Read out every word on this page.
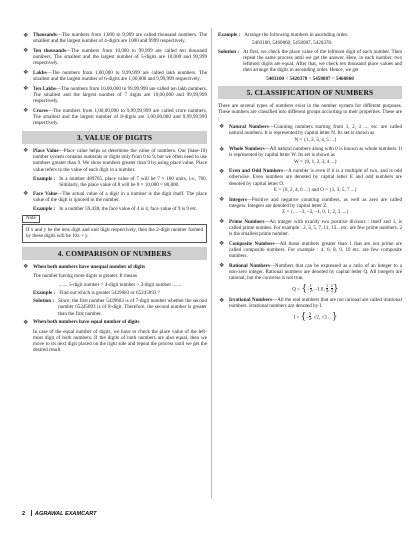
❖ Thousands—The numbers from 1,000 to 9,999 are called thousand numbers. The smallest and the largest number of 4-digits are 1000 and 9999 respectively.

❖ Ten thousands—The numbers from 10,000 to 99,999 are called ten thousand numbers. The smallest and the largest number of 5-digits are 10,000 and 99,999 respectively.

❖ Lakhs—The numbers from 1,00,000 to 9,99,999 are called lakh numbers. The smallest and the largest number of 6-digits are 1,00,000 and 9,99,999 respectively.

❖ Ten Lakhs—The numbers from 10,00,000 to 99,99,999 are called ten lakh numbers. The smallest and the largest number of 7 digits are 10,00,000 and 99,99,999 respectively.

❖ Crores—The numbers from 1,00,00,000 to 9,99,99,999 are called crore numbers. The smallest and the largest number of 8-digits are 1,00,00,000 and 9,99,99,999 respectively.

3. VALUE OF DIGITS
❖ Place Value—Place value helps us determine the value of numbers. Our (base-10) number system contains numerals or digits only from 0 to 9, but we often need to use numbers greater than 9. We show numbers greater than 9 by using place value. Place value refers to the value of each digit in a number.

Example : In a number 489765, place value of 7 will be 7 × 100 units, i.e., 700. Similarly, the place value of 8 will be 8 × 10,000 = 80,000.
❖ Face Value—The actual value of a digit in a number is the digit itself. The place value of the digit is ignored in the number.

Example : In a number 59,438, the face value of 4 is 4, face value of 9 is 9 etc.
Note

If x and y be the tens digit and unit digit respectively, then the 2-digit number formed by these digits will be 10x + y.

4. COMPARISON OF NUMBERS
❖ When both numbers have unequal number of digits

The number having more digits is greater. It means

....... 5-digit number > 4-digit number > 3-digit number .......

Example : Find out which is greater 5429683 or 65245893 ?
Solution : Since, the first number 5429683 is of 7-digit number whether the second number 65245893 is of 8-digit. Therefore, the second number is greater than the first number.
❖ When both numbers have equal number of digits

In case of the equal number of digits, we have to check the place value of the left-most digit of both numbers. If the digits of both numbers are also equal, then we move to its next digit placed on the right side and repeat the process until we get the desired result.

Example : Arrange the following numbers in ascending order.

5403100, 5460860, 5458087, 5420378.

Solution : At first, we check the place value of the leftmost digit of each number. Then repeat the same process until we get the answer. Here, in each number, two leftmost digits are equal. After that, we check ten thousand place values and then arrange the digits in ascending order. Hence, we get

5403100 < 5420378 < 5458087 < 5460860

5. CLASSIFICATION OF NUMBERS

There are several types of numbers exist in the number system for different purposes. These numbers are classified into different groups according to their properties. These are :

❖ Natural Numbers—Counting numbers starting from 1, 2, 3 .... etc. are called natural numbers. It is represented by capital letter N. Its set is shown as

N = {1, 2, 3, 4, 5 ...}

❖ Whole Numbers—All natural numbers along with 0 is known as whole numbers. It is represented by capital letter W. Its set is shown as

W = {0, 1, 2, 3, 4 ...}

❖ Even and Odd Numbers—A number is even if it is a multiple of two, and is odd otherwise. Even numbers are denoted by capital letter E and odd numbers are denoted by capital letter O.

E = {0, 2, 4, 6 ...} and O = {1, 3, 5, 7 ...}

❖ Integers—Positive and negative counting numbers, as well as zero are called integers. Integers are denoted by capital letter Z.

Z = {.... –3, –2, –1, 0, 1, 2, 3 ....}

❖ Prime Numbers—An integer with exactly two positive divisors : itself and 1, is called prime number. For example : 2, 3, 5, 7, 11, 13... etc. are few prime numbers. 2 is the smallest prime number.

❖ Composite Numbers—All those numbers greater than 1 that are not prime are called composite numbers. For example : 4, 6, 8, 9, 10 etc. are few composite numbers.

❖ Rational Numbers—Numbers that can be expressed as a ratio of an integer to a non-zero integer. Rational numbers are denoted by capital letter Q. All integers are rational, but the converse is not true.

Q = {– $\frac{1}{2}$ , –1.0, $\frac{1}{4}$ , $\frac{1}{2}$ }
❖ Irrational Numbers—All the real numbers that are not rational are called irrational numbers. Irrational numbers are denoted by I.

I = {– $\frac{3}{2}$ , √2, √3 ...}
2 AGRAWAL EXAMCART
